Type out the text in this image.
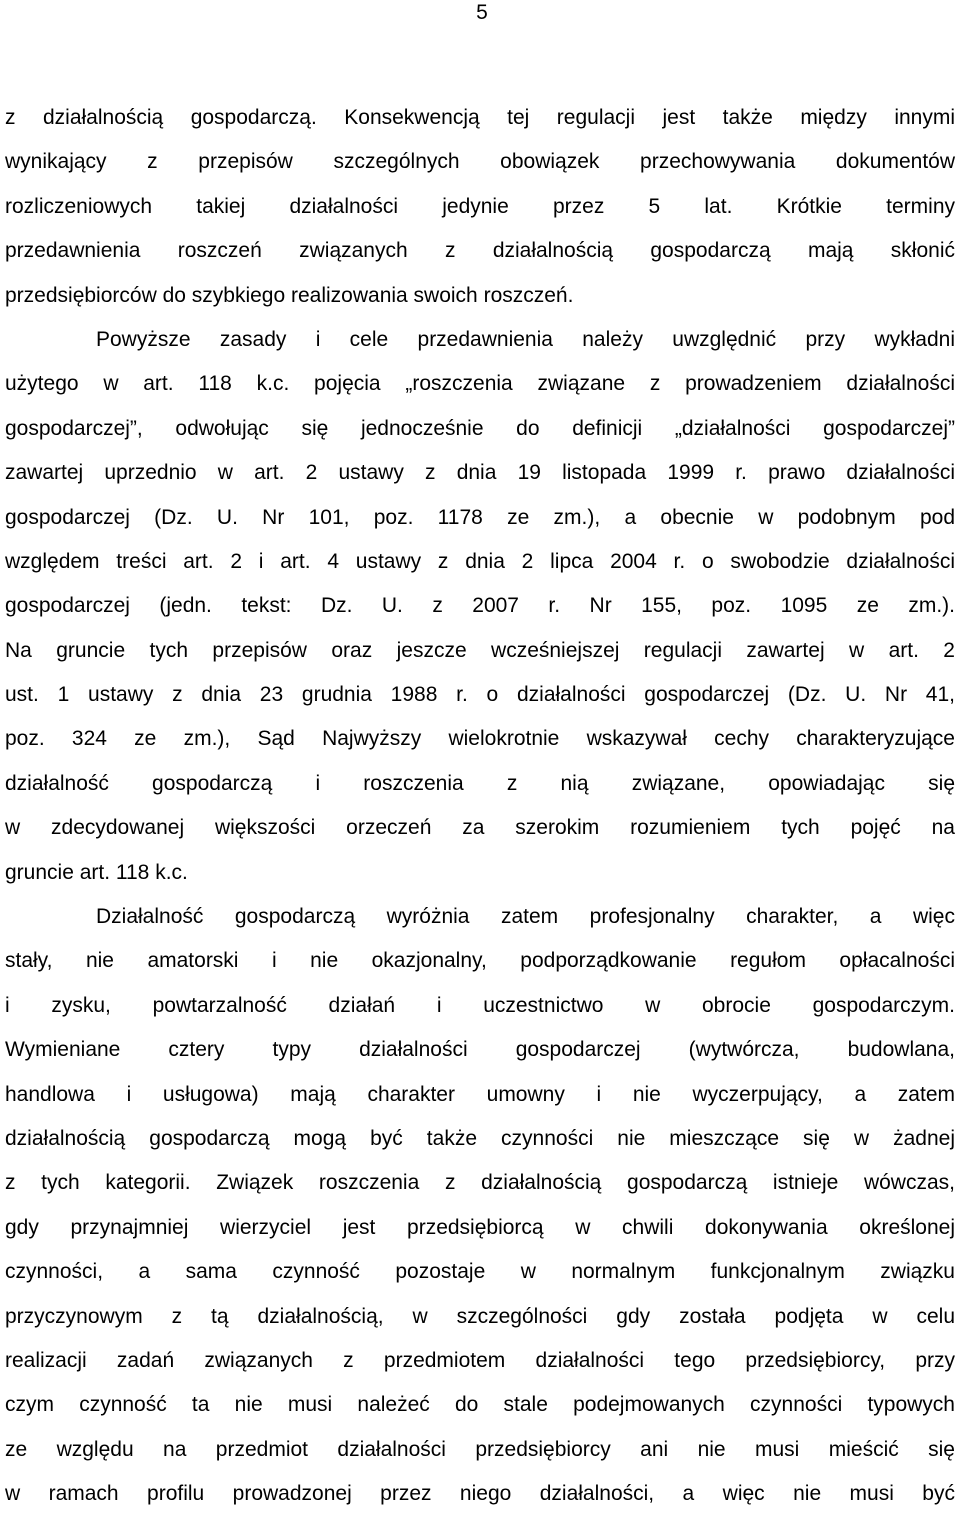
5
z działalnością gospodarczą. Konsekwencją tej regulacji jest także między innymi
wynikający z przepisów szczególnych obowiązek przechowywania dokumentów
rozliczeniowych takiej działalności jedynie przez 5 lat. Krótkie terminy
przedawnienia roszczeń związanych z działalnością gospodarczą mają skłonić
przedsiębiorców do szybkiego realizowania swoich roszczeń.
Powyższe zasady i cele przedawnienia należy uwzględnić przy wykładni
użytego w art. 118 k.c. pojęcia „roszczenia związane z prowadzeniem działalności
gospodarczej”, odwołując się jednocześnie do definicji „działalności gospodarczej”
zawartej uprzednio w art. 2 ustawy z dnia 19 listopada 1999 r. prawo działalności
gospodarczej (Dz. U. Nr 101, poz. 1178 ze zm.), a obecnie w podobnym pod
względem treści art. 2 i art. 4 ustawy z dnia 2 lipca 2004 r. o swobodzie działalności
gospodarczej (jedn. tekst: Dz. U. z 2007 r. Nr 155, poz. 1095 ze zm.).
Na gruncie tych przepisów oraz jeszcze wcześniejszej regulacji zawartej w art. 2
ust. 1 ustawy z dnia 23 grudnia 1988 r. o działalności gospodarczej (Dz. U. Nr 41,
poz. 324 ze zm.), Sąd Najwyższy wielokrotnie wskazywał cechy charakteryzujące
działalność gospodarczą i roszczenia z nią związane, opowiadając się
w zdecydowanej większości orzeczeń za szerokim rozumieniem tych pojęć na
gruncie art. 118 k.c.
Działalność gospodarczą wyróżnia zatem profesjonalny charakter, a więc
stały, nie amatorski i nie okazjonalny, podporządkowanie regułom opłacalności
i zysku, powtarzalność działań i uczestnictwo w obrocie gospodarczym.
Wymieniane cztery typy działalności gospodarczej (wytwórcza, budowlana,
handlowa i usługowa) mają charakter umowny i nie wyczerpujący, a zatem
działalnością gospodarczą mogą być także czynności nie mieszczące się w żadnej
z tych kategorii. Związek roszczenia z działalnością gospodarczą istnieje wówczas,
gdy przynajmniej wierzyciel jest przedsiębiorcą w chwili dokonywania określonej
czynności, a sama czynność pozostaje w normalnym funkcjonalnym związku
przyczynowym z tą działalnością, w szczególności gdy została podjęta w celu
realizacji zadań związanych z przedmiotem działalności tego przedsiębiorcy, przy
czym czynność ta nie musi należeć do stale podejmowanych czynności typowych
ze względu na przedmiot działalności przedsiębiorcy ani nie musi mieścić się
w ramach profilu prowadzonej przez niego działalności, a więc nie musi być
